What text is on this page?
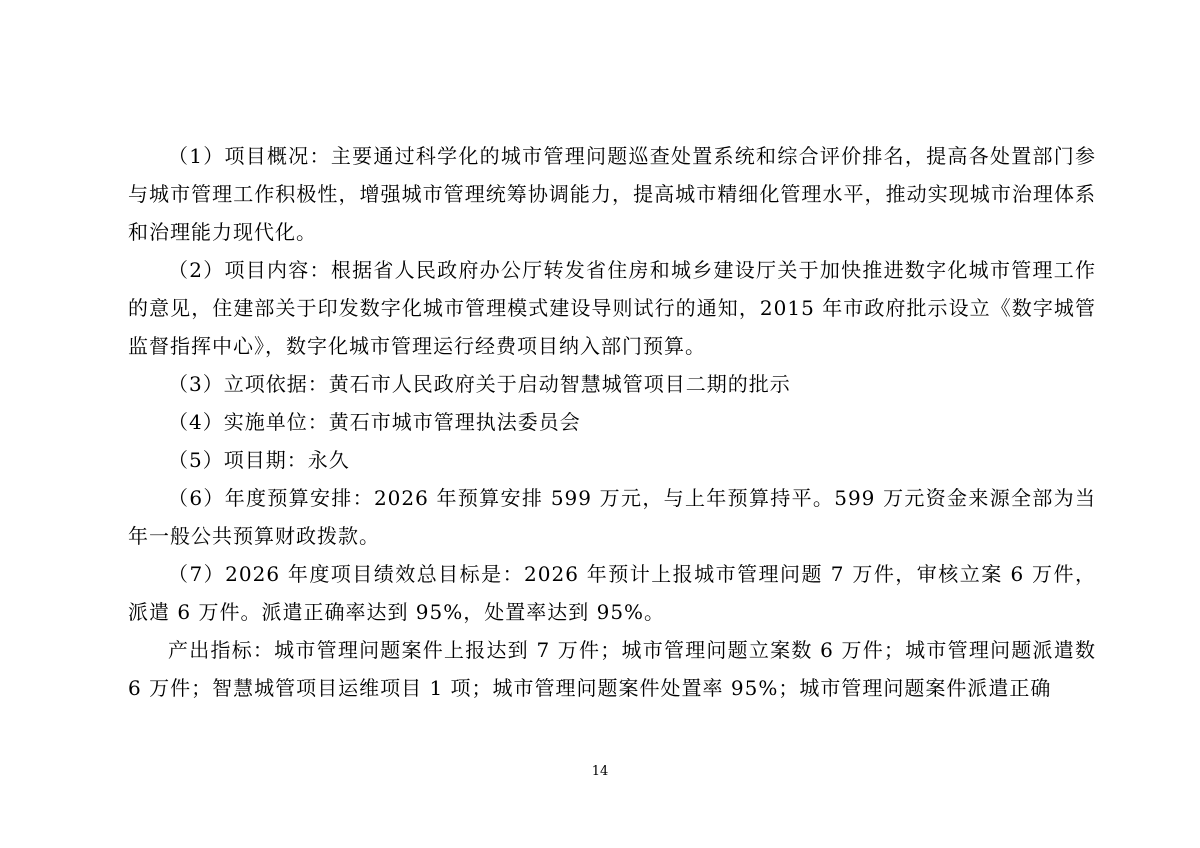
（1）项目概况：主要通过科学化的城市管理问题巡查处置系统和综合评价排名，提高各处置部门参与城市管理工作积极性，增强城市管理统筹协调能力，提高城市精细化管理水平，推动实现城市治理体系和治理能力现代化。

（2）项目内容：根据省人民政府办公厅转发省住房和城乡建设厅关于加快推进数字化城市管理工作的意见，住建部关于印发数字化城市管理模式建设导则试行的通知，2015 年市政府批示设立《数字城管监督指挥中心》，数字化城市管理运行经费项目纳入部门预算。

（3）立项依据：黄石市人民政府关于启动智慧城管项目二期的批示

（4）实施单位：黄石市城市管理执法委员会

（5）项目期：永久

（6）年度预算安排：2026 年预算安排 599 万元，与上年预算持平。599 万元资金来源全部为当年一般公共预算财政拨款。

（7）2026 年度项目绩效总目标是：2026 年预计上报城市管理问题 7 万件，审核立案 6 万件，派遣 6 万件。派遣正确率达到 95%，处置率达到 95%。

产出指标：城市管理问题案件上报达到 7 万件；城市管理问题立案数 6 万件；城市管理问题派遣数 6 万件；智慧城管项目运维项目 1 项；城市管理问题案件处置率 95%；城市管理问题案件派遣正确

14
